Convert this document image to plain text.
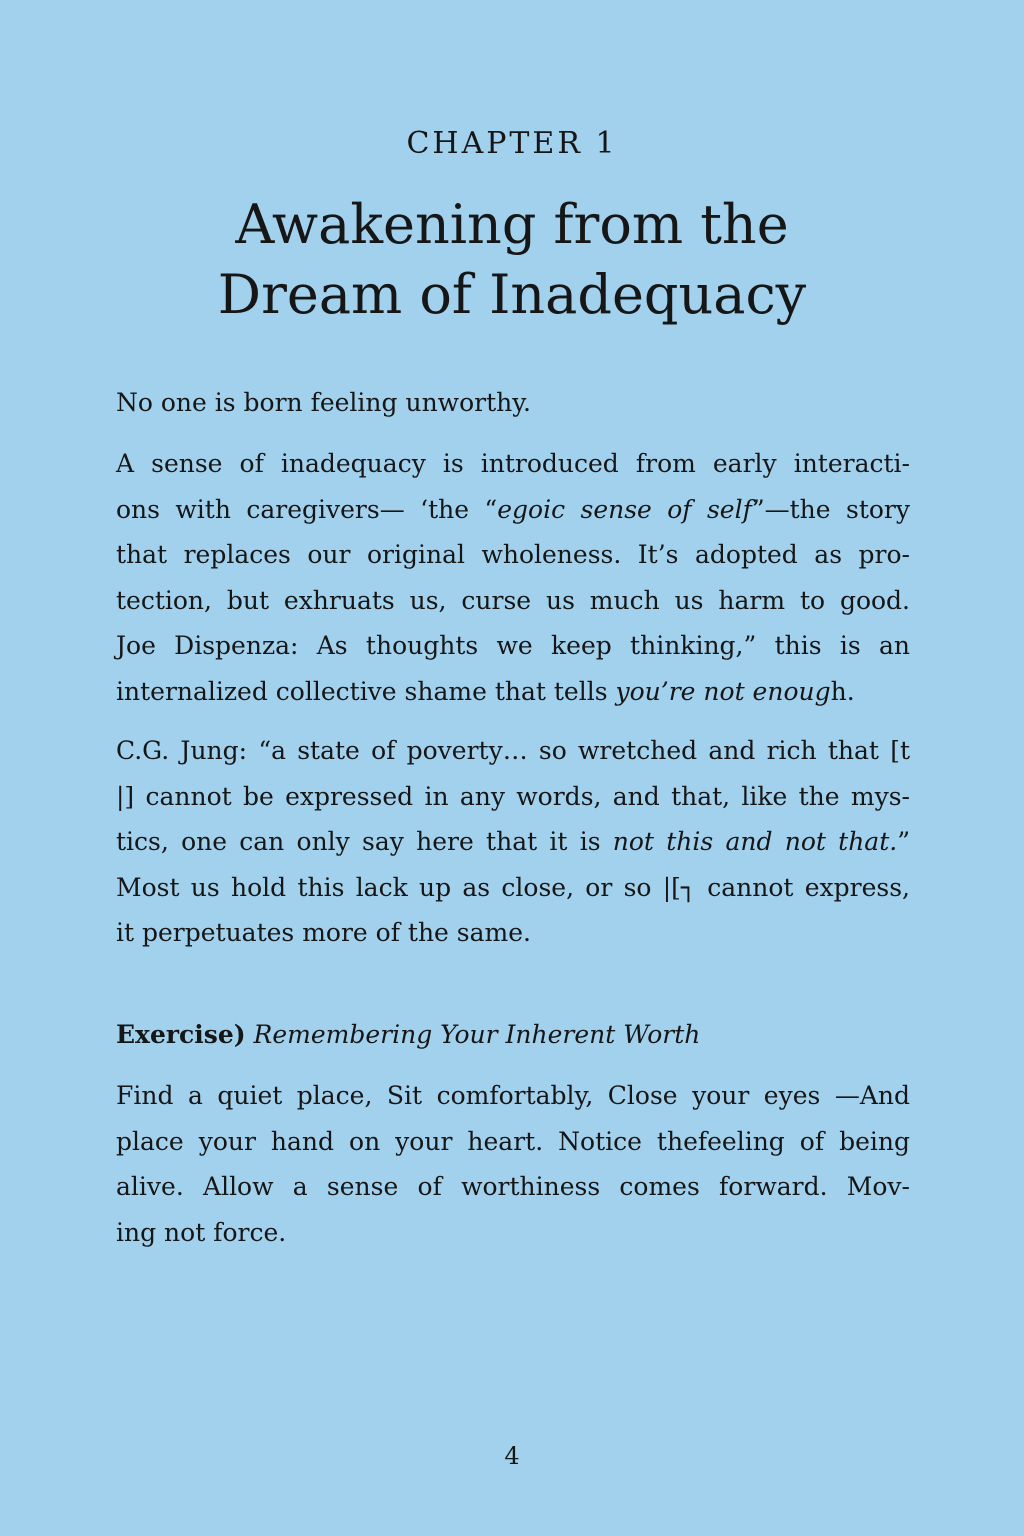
CHAPTER 1
Awakening from the
Dream of Inadequacy

No one is born feeling unworthy.

A sense of inadequacy is introduced from early interacti-
ons with caregivers— ‘the “egoic sense of self”—the story
that replaces our original wholeness. It’s adopted as pro-
tection, but exhruats us, curse us much us harm to good.
Joe Dispenza: As thoughts we keep thinking,” this is an
internalized collective shame that tells you’re not enough.

C.G. Jung: “a state of poverty… so wretched and rich that [t
|] cannot be expressed in any words, and that, like the mys-
tics, one can only say here that it is not this and not that.”
Most us hold this lack up as close, or so |[┐ cannot express,
it perpetuates more of the same.

Exercise) Remembering Your Inherent Worth

Find a quiet place, Sit comfortably, Close your eyes —And
place your hand on your heart. Notice thefeeling of being
alive. Allow a sense of worthiness comes forward. Mov-
ing not force.

4
